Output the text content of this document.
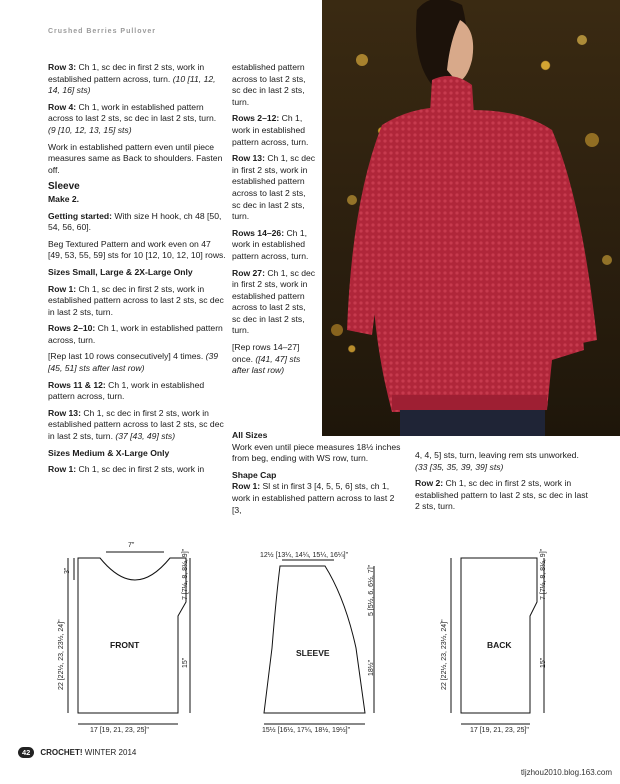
Crushed Berries Pullover

Row 3: Ch 1, sc dec in first 2 sts, work in established pattern across, turn. (10 [11, 12, 14, 16] sts)

Row 4: Ch 1, work in established pattern across to last 2 sts, sc dec in last 2 sts, turn. (9 [10, 12, 13, 15] sts)

Work in established pattern even until piece measures same as Back to shoulders. Fasten off.

Sleeve

Make 2.

Getting started: With size H hook, ch 48 [50, 54, 56, 60].

Beg Textured Pattern and work even on 47 [49, 53, 55, 59] sts for 10 [12, 10, 12, 10] rows.

Sizes Small, Large & 2X-Large Only

Row 1: Ch 1, sc dec in first 2 sts, work in established pattern across to last 2 sts, sc dec in last 2 sts, turn.

Rows 2–10: Ch 1, work in established pattern across, turn.

[Rep last 10 rows consecutively] 4 times. (39 [45, 51] sts after last row)

Rows 11 & 12: Ch 1, work in established pattern across, turn.

Row 13: Ch 1, sc dec in first 2 sts, work in established pattern across to last 2 sts, sc dec in last 2 sts, turn. (37 [43, 49] sts)

Sizes Medium & X-Large Only

Row 1: Ch 1, sc dec in first 2 sts, work in

established pattern across to last 2 sts, sc dec in last 2 sts, turn.

Rows 2–12: Ch 1, work in established pattern across, turn.

Row 13: Ch 1, sc dec in first 2 sts, work in established pattern across to last 2 sts, sc dec in last 2 sts, turn.

Rows 14–26: Ch 1, work in established pattern across, turn.

Row 27: Ch 1, sc dec in first 2 sts, work in established pattern across to last 2 sts, sc dec in last 2 sts, turn.

[Rep rows 14–27] once. ([41, 47] sts after last row)

All Sizes

Work even until piece measures 18½ inches from beg, ending with WS row, turn.

Shape Cap

Row 1: Sl st in first 3 [4, 5, 5, 6] sts, ch 1, work in established pattern across to last 2 [3,

4, 4, 5] sts, turn, leaving rem sts unworked. (33 [35, 35, 39, 39] sts)

Row 2: Ch 1, sc dec in first 2 sts, work in established pattern to last 2 sts, sc dec in last 2 sts, turn.

FRONT
7"
3"
22 [22½, 23, 23½, 24]"
7 [7½, 8, 8½, 9]"
15"
17 [19, 21, 23, 25]"
SLEEVE
12½ [13¼, 14¼, 15¼, 16¼]"
5 [5½, 6, 6½, 7]"
18½"
15½ [16½, 17¼, 18½, 19½]"
BACK
22 [22½, 23, 23½, 24]"
7 [7½, 8, 8½, 9]"
15"
17 [19, 21, 23, 25]"
42 CROCHET! WINTER 2014
tljzhou2010.blog.163.com
